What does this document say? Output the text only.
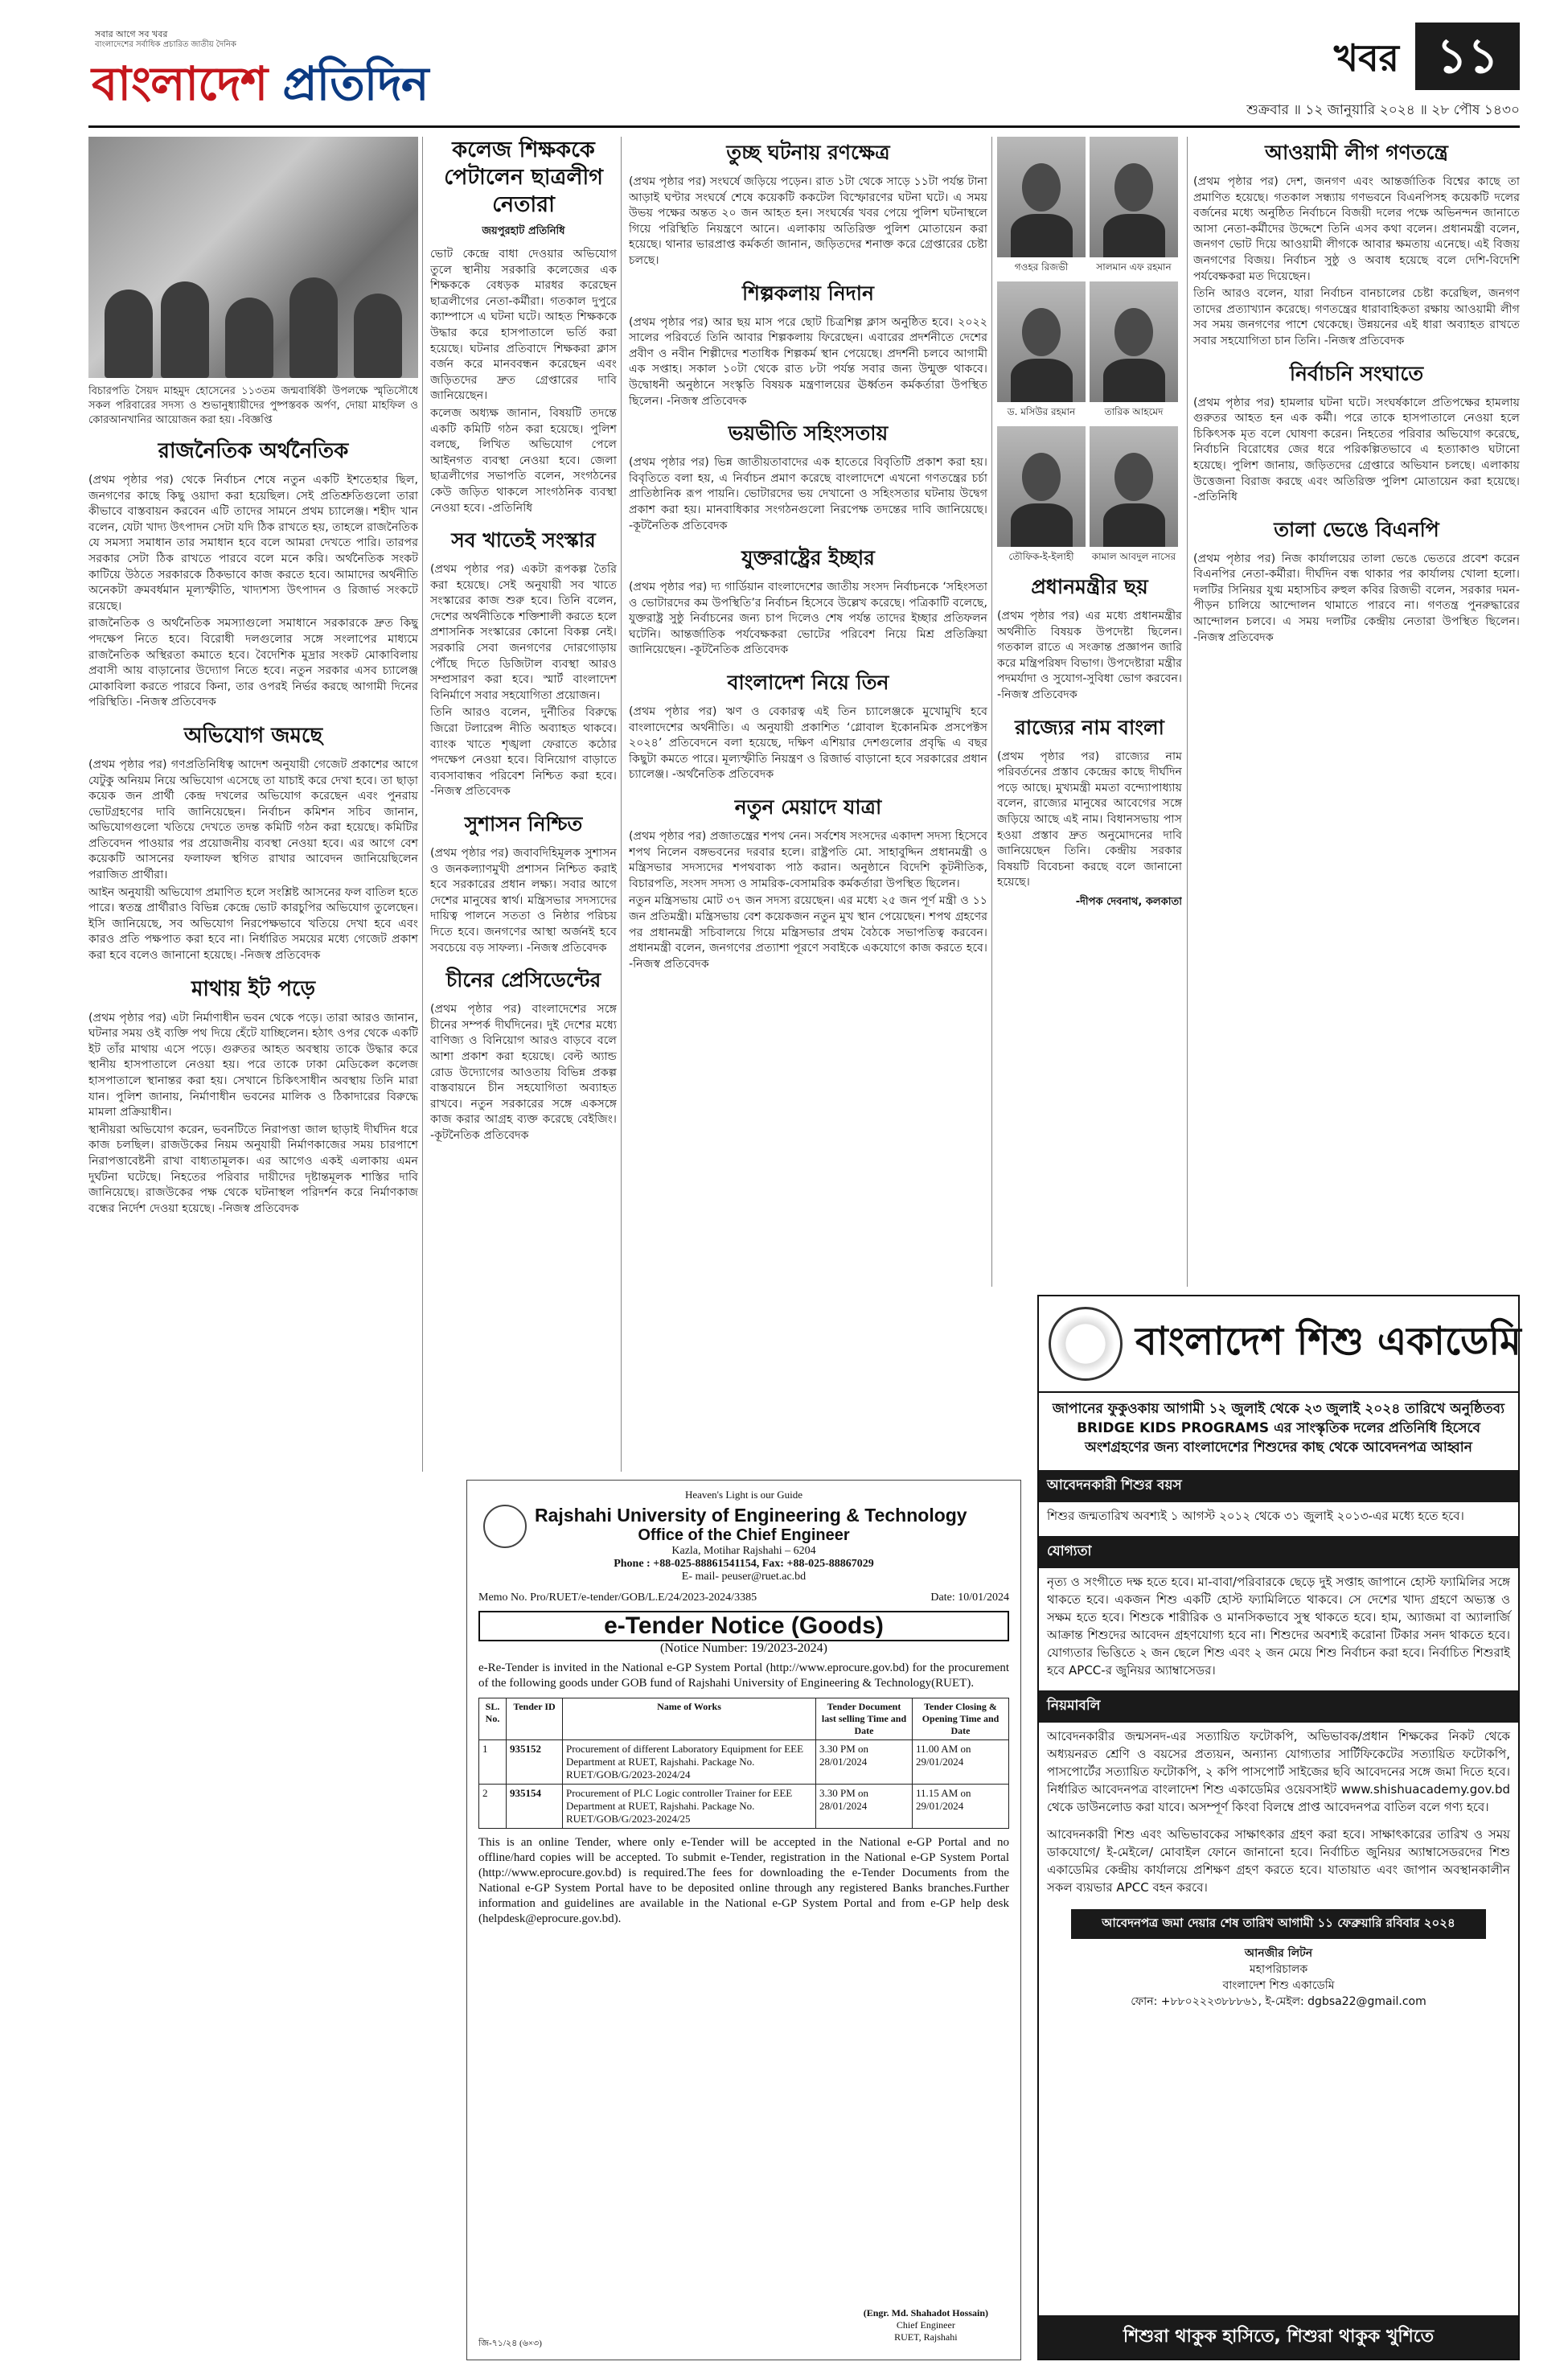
সবার আগে সব খবর
বাংলাদেশের সর্বাধিক প্রচারিত জাতীয় দৈনিক
বাংলাদেশ প্রতিদিন	খবর ১১
শুক্রবার ॥ ১২ জানুয়ারি ২০২৪ ॥ ২৮ পৌষ ১৪৩০
বিচারপতি সৈয়দ মাহমুদ হোসেনের ১১৩তম জন্মবার্ষিকী উপলক্ষে স্মৃতিসৌধে সকল পরিবারের সদস্য ও শুভানুধ্যায়ীদের পুষ্পস্তবক অর্পণ, দোয়া মাহফিল ও কোরআনখানির আয়োজন করা হয়। -বিজ্ঞপ্তি
রাজনৈতিক অর্থনৈতিক
(প্রথম পৃষ্ঠার পর) থেকে নির্বাচন শেষে নতুন একটি ইশতেহার ছিল, জনগণের কাছে কিছু ওয়াদা করা হয়েছিল। সেই প্রতিশ্রুতিগুলো তারা কীভাবে বাস্তবায়ন করবেন এটি তাদের সামনে প্রথম চ্যালেঞ্জ। শহীদ খান বলেন, যেটা খাদ্য উৎপাদন সেটা যদি ঠিক রাখতে হয়, তাহলে রাজনৈতিক যে সমস্যা সমাধান তার সমাধান হবে বলে আমরা দেখতে পারি। তারপর সরকার সেটা ঠিক রাখতে পারবে বলে মনে করি। অর্থনৈতিক সংকট কাটিয়ে উঠতে সরকারকে ঠিকভাবে কাজ করতে হবে। আমাদের অর্থনীতি অনেকটা ক্রমবর্ধমান মূল্যস্ফীতি, খাদ্যশস্য উৎপাদন ও রিজার্ভ সংকটে রয়েছে।
রাজনৈতিক ও অর্থনৈতিক সমস্যাগুলো সমাধানে সরকারকে দ্রুত কিছু পদক্ষেপ নিতে হবে। বিরোধী দলগুলোর সঙ্গে সংলাপের মাধ্যমে রাজনৈতিক অস্থিরতা কমাতে হবে। বৈদেশিক মুদ্রার সংকট মোকাবিলায় প্রবাসী আয় বাড়ানোর উদ্যোগ নিতে হবে। নতুন সরকার এসব চ্যালেঞ্জ মোকাবিলা করতে পারবে কিনা, তার ওপরই নির্ভর করছে আগামী দিনের পরিস্থিতি। -নিজস্ব প্রতিবেদক
অভিযোগ জমছে
(প্রথম পৃষ্ঠার পর) গণপ্রতিনিধিত্ব আদেশ অনুযায়ী গেজেট প্রকাশের আগে যেটুকু অনিয়ম নিয়ে অভিযোগ এসেছে তা যাচাই করে দেখা হবে। তা ছাড়া কয়েক জন প্রার্থী কেন্দ্র দখলের অভিযোগ করেছেন এবং পুনরায় ভোটগ্রহণের দাবি জানিয়েছেন। নির্বাচন কমিশন সচিব জানান, অভিযোগগুলো খতিয়ে দেখতে তদন্ত কমিটি গঠন করা হয়েছে। কমিটির প্রতিবেদন পাওয়ার পর প্রয়োজনীয় ব্যবস্থা নেওয়া হবে। এর আগে বেশ কয়েকটি আসনের ফলাফল স্থগিত রাখার আবেদন জানিয়েছিলেন পরাজিত প্রার্থীরা।
আইন অনুযায়ী অভিযোগ প্রমাণিত হলে সংশ্লিষ্ট আসনের ফল বাতিল হতে পারে। স্বতন্ত্র প্রার্থীরাও বিভিন্ন কেন্দ্রে ভোট কারচুপির অভিযোগ তুলেছেন। ইসি জানিয়েছে, সব অভিযোগ নিরপেক্ষভাবে খতিয়ে দেখা হবে এবং কারও প্রতি পক্ষপাত করা হবে না। নির্ধারিত সময়ের মধ্যে গেজেট প্রকাশ করা হবে বলেও জানানো হয়েছে। -নিজস্ব প্রতিবেদক
মাথায় ইট পড়ে
(প্রথম পৃষ্ঠার পর) এটা নির্মাণাধীন ভবন থেকে পড়ে। তারা আরও জানান, ঘটনার সময় ওই ব্যক্তি পথ দিয়ে হেঁটে যাচ্ছিলেন। হঠাৎ ওপর থেকে একটি ইট তাঁর মাথায় এসে পড়ে। গুরুতর আহত অবস্থায় তাকে উদ্ধার করে স্থানীয় হাসপাতালে নেওয়া হয়। পরে তাকে ঢাকা মেডিকেল কলেজ হাসপাতালে স্থানান্তর করা হয়। সেখানে চিকিৎসাধীন অবস্থায় তিনি মারা যান। পুলিশ জানায়, নির্মাণাধীন ভবনের মালিক ও ঠিকাদারের বিরুদ্ধে মামলা প্রক্রিয়াধীন।
স্থানীয়রা অভিযোগ করেন, ভবনটিতে নিরাপত্তা জাল ছাড়াই দীর্ঘদিন ধরে কাজ চলছিল। রাজউকের নিয়ম অনুযায়ী নির্মাণকাজের সময় চারপাশে নিরাপত্তাবেষ্টনী রাখা বাধ্যতামূলক। এর আগেও একই এলাকায় এমন দুর্ঘটনা ঘটেছে। নিহতের পরিবার দায়ীদের দৃষ্টান্তমূলক শাস্তির দাবি জানিয়েছে। রাজউকের পক্ষ থেকে ঘটনাস্থল পরিদর্শন করে নির্মাণকাজ বন্ধের নির্দেশ দেওয়া হয়েছে। -নিজস্ব প্রতিবেদক
কলেজ শিক্ষককে পেটালেন ছাত্রলীগ নেতারা
জয়পুরহাট প্রতিনিধি
ভোট কেন্দ্রে বাধা দেওয়ার অভিযোগ তুলে স্থানীয় সরকারি কলেজের এক শিক্ষককে বেধড়ক মারধর করেছেন ছাত্রলীগের নেতা-কর্মীরা। গতকাল দুপুরে ক্যাম্পাসে এ ঘটনা ঘটে। আহত শিক্ষককে উদ্ধার করে হাসপাতালে ভর্তি করা হয়েছে। ঘটনার প্রতিবাদে শিক্ষকরা ক্লাস বর্জন করে মানববন্ধন করেছেন এবং জড়িতদের দ্রুত গ্রেপ্তারের দাবি জানিয়েছেন।
কলেজ অধ্যক্ষ জানান, বিষয়টি তদন্তে একটি কমিটি গঠন করা হয়েছে। পুলিশ বলছে, লিখিত অভিযোগ পেলে আইনগত ব্যবস্থা নেওয়া হবে। জেলা ছাত্রলীগের সভাপতি বলেন, সংগঠনের কেউ জড়িত থাকলে সাংগঠনিক ব্যবস্থা নেওয়া হবে। -প্রতিনিধি
সব খাতেই সংস্কার
(প্রথম পৃষ্ঠার পর) একটা রূপকল্প তৈরি করা হয়েছে। সেই অনুযায়ী সব খাতে সংস্কারের কাজ শুরু হবে। তিনি বলেন, দেশের অর্থনীতিকে শক্তিশালী করতে হলে প্রশাসনিক সংস্কারের কোনো বিকল্প নেই। সরকারি সেবা জনগণের দোরগোড়ায় পৌঁছে দিতে ডিজিটাল ব্যবস্থা আরও সম্প্রসারণ করা হবে। স্মার্ট বাংলাদেশ বিনির্মাণে সবার সহযোগিতা প্রয়োজন।
তিনি আরও বলেন, দুর্নীতির বিরুদ্ধে জিরো টলারেন্স নীতি অব্যাহত থাকবে। ব্যাংক খাতে শৃঙ্খলা ফেরাতে কঠোর পদক্ষেপ নেওয়া হবে। বিনিয়োগ বাড়াতে ব্যবসাবান্ধব পরিবেশ নিশ্চিত করা হবে। -নিজস্ব প্রতিবেদক
সুশাসন নিশ্চিত
(প্রথম পৃষ্ঠার পর) জবাবদিহিমূলক সুশাসন ও জনকল্যাণমুখী প্রশাসন নিশ্চিত করাই হবে সরকারের প্রধান লক্ষ্য। সবার আগে দেশের মানুষের স্বার্থ। মন্ত্রিসভার সদস্যদের দায়িত্ব পালনে সততা ও নিষ্ঠার পরিচয় দিতে হবে। জনগণের আস্থা অর্জনই হবে সবচেয়ে বড় সাফল্য। -নিজস্ব প্রতিবেদক
চীনের প্রেসিডেন্টের
(প্রথম পৃষ্ঠার পর) বাংলাদেশের সঙ্গে চীনের সম্পর্ক দীর্ঘদিনের। দুই দেশের মধ্যে বাণিজ্য ও বিনিয়োগ আরও বাড়বে বলে আশা প্রকাশ করা হয়েছে। বেল্ট অ্যান্ড রোড উদ্যোগের আওতায় বিভিন্ন প্রকল্প বাস্তবায়নে চীন সহযোগিতা অব্যাহত রাখবে। নতুন সরকারের সঙ্গে একসঙ্গে কাজ করার আগ্রহ ব্যক্ত করেছে বেইজিং। -কূটনৈতিক প্রতিবেদক
তুচ্ছ ঘটনায় রণক্ষেত্র
(প্রথম পৃষ্ঠার পর) সংঘর্ষে জড়িয়ে পড়েন। রাত ১টা থেকে সাড়ে ১১টা পর্যন্ত টানা আড়াই ঘণ্টার সংঘর্ষে শেষে কয়েকটি ককটেল বিস্ফোরণের ঘটনা ঘটে। এ সময় উভয় পক্ষের অন্তত ২০ জন আহত হন। সংঘর্ষের খবর পেয়ে পুলিশ ঘটনাস্থলে গিয়ে পরিস্থিতি নিয়ন্ত্রণে আনে। এলাকায় অতিরিক্ত পুলিশ মোতায়েন করা হয়েছে। থানার ভারপ্রাপ্ত কর্মকর্তা জানান, জড়িতদের শনাক্ত করে গ্রেপ্তারের চেষ্টা চলছে।
শিল্পকলায় নিদান
(প্রথম পৃষ্ঠার পর) আর ছয় মাস পরে ছোট চিত্রশিল্প ক্লাস অনুষ্ঠিত হবে। ২০২২ সালের পরিবর্তে তিনি আবার শিল্পকলায় ফিরেছেন। এবারের প্রদর্শনীতে দেশের প্রবীণ ও নবীন শিল্পীদের শতাধিক শিল্পকর্ম স্থান পেয়েছে। প্রদর্শনী চলবে আগামী এক সপ্তাহ। সকাল ১০টা থেকে রাত ৮টা পর্যন্ত সবার জন্য উন্মুক্ত থাকবে। উদ্বোধনী অনুষ্ঠানে সংস্কৃতি বিষয়ক মন্ত্রণালয়ের ঊর্ধ্বতন কর্মকর্তারা উপস্থিত ছিলেন। -নিজস্ব প্রতিবেদক
ভয়ভীতি সহিংসতায়
(প্রথম পৃষ্ঠার পর) ভিন্ন জাতীয়তাবাদের এক হাতেরে বিবৃতিটি প্রকাশ করা হয়। বিবৃতিতে বলা হয়, এ নির্বাচন প্রমাণ করেছে বাংলাদেশে এখনো গণতন্ত্রের চর্চা প্রাতিষ্ঠানিক রূপ পায়নি। ভোটারদের ভয় দেখানো ও সহিংসতার ঘটনায় উদ্বেগ প্রকাশ করা হয়। মানবাধিকার সংগঠনগুলো নিরপেক্ষ তদন্তের দাবি জানিয়েছে। -কূটনৈতিক প্রতিবেদক
যুক্তরাষ্ট্রের ইচ্ছার
(প্রথম পৃষ্ঠার পর) দ্য গার্ডিয়ান বাংলাদেশের জাতীয় সংসদ নির্বাচনকে ‘সহিংসতা ও ভোটারদের কম উপস্থিতি’র নির্বাচন হিসেবে উল্লেখ করেছে। পত্রিকাটি বলেছে, যুক্তরাষ্ট্র সুষ্ঠু নির্বাচনের জন্য চাপ দিলেও শেষ পর্যন্ত তাদের ইচ্ছার প্রতিফলন ঘটেনি। আন্তর্জাতিক পর্যবেক্ষকরা ভোটের পরিবেশ নিয়ে মিশ্র প্রতিক্রিয়া জানিয়েছেন। -কূটনৈতিক প্রতিবেদক
বাংলাদেশ নিয়ে তিন
(প্রথম পৃষ্ঠার পর) ঋণ ও বেকারত্ব এই তিন চ্যালেঞ্জকে মুখোমুখি হবে বাংলাদেশের অর্থনীতি। এ অনুযায়ী প্রকাশিত ‘গ্লোবাল ইকোনমিক প্রসপেক্টস ২০২৪’ প্রতিবেদনে বলা হয়েছে, দক্ষিণ এশিয়ার দেশগুলোর প্রবৃদ্ধি এ বছর কিছুটা কমতে পারে। মূল্যস্ফীতি নিয়ন্ত্রণ ও রিজার্ভ বাড়ানো হবে সরকারের প্রধান চ্যালেঞ্জ। -অর্থনৈতিক প্রতিবেদক
নতুন মেয়াদে যাত্রা
(প্রথম পৃষ্ঠার পর) প্রজাতন্ত্রের শপথ নেন। সর্বশেষ সংসদের একাদশ সদস্য হিসেবে শপথ নিলেন বঙ্গভবনের দরবার হলে। রাষ্ট্রপতি মো. সাহাবুদ্দিন প্রধানমন্ত্রী ও মন্ত্রিসভার সদস্যদের শপথবাক্য পাঠ করান। অনুষ্ঠানে বিদেশি কূটনীতিক, বিচারপতি, সংসদ সদস্য ও সামরিক-বেসামরিক কর্মকর্তারা উপস্থিত ছিলেন।
নতুন মন্ত্রিসভায় মোট ৩৭ জন সদস্য রয়েছেন। এর মধ্যে ২৫ জন পূর্ণ মন্ত্রী ও ১১ জন প্রতিমন্ত্রী। মন্ত্রিসভায় বেশ কয়েকজন নতুন মুখ স্থান পেয়েছেন। শপথ গ্রহণের পর প্রধানমন্ত্রী সচিবালয়ে গিয়ে মন্ত্রিসভার প্রথম বৈঠকে সভাপতিত্ব করবেন। প্রধানমন্ত্রী বলেন, জনগণের প্রত্যাশা পূরণে সবাইকে একযোগে কাজ করতে হবে। -নিজস্ব প্রতিবেদক
গওহর রিজভী	সালমান এফ রহমান
ড. মসিউর রহমান	তারিক আহমেদ
তৌফিক-ই-ইলাহী	কামাল আবদুল নাসের
প্রধানমন্ত্রীর ছয়
(প্রথম পৃষ্ঠার পর) এর মধ্যে প্রধানমন্ত্রীর অর্থনীতি বিষয়ক উপদেষ্টা ছিলেন। গতকাল রাতে এ সংক্রান্ত প্রজ্ঞাপন জারি করে মন্ত্রিপরিষদ বিভাগ। উপদেষ্টারা মন্ত্রীর পদমর্যাদা ও সুযোগ-সুবিধা ভোগ করবেন। -নিজস্ব প্রতিবেদক
রাজ্যের নাম বাংলা
(প্রথম পৃষ্ঠার পর) রাজ্যের নাম পরিবর্তনের প্রস্তাব কেন্দ্রের কাছে দীর্ঘদিন পড়ে আছে। মুখ্যমন্ত্রী মমতা বন্দ্যোপাধ্যায় বলেন, রাজ্যের মানুষের আবেগের সঙ্গে জড়িয়ে আছে এই নাম। বিধানসভায় পাস হওয়া প্রস্তাব দ্রুত অনুমোদনের দাবি জানিয়েছেন তিনি। কেন্দ্রীয় সরকার বিষয়টি বিবেচনা করছে বলে জানানো হয়েছে।
-দীপক দেবনাথ, কলকাতা
আওয়ামী লীগ গণতন্ত্রে
(প্রথম পৃষ্ঠার পর) দেশ, জনগণ এবং আন্তর্জাতিক বিশ্বের কাছে তা প্রমাণিত হয়েছে। গতকাল সন্ধ্যায় গণভবনে বিএনপিসহ কয়েকটি দলের বর্জনের মধ্যে অনুষ্ঠিত নির্বাচনে বিজয়ী দলের পক্ষে অভিনন্দন জানাতে আসা নেতা-কর্মীদের উদ্দেশে তিনি এসব কথা বলেন। প্রধানমন্ত্রী বলেন, জনগণ ভোট দিয়ে আওয়ামী লীগকে আবার ক্ষমতায় এনেছে। এই বিজয় জনগণের বিজয়। নির্বাচন সুষ্ঠু ও অবাধ হয়েছে বলে দেশি-বিদেশি পর্যবেক্ষকরা মত দিয়েছেন।
তিনি আরও বলেন, যারা নির্বাচন বানচালের চেষ্টা করেছিল, জনগণ তাদের প্রত্যাখ্যান করেছে। গণতন্ত্রের ধারাবাহিকতা রক্ষায় আওয়ামী লীগ সব সময় জনগণের পাশে থেকেছে। উন্নয়নের এই ধারা অব্যাহত রাখতে সবার সহযোগিতা চান তিনি। -নিজস্ব প্রতিবেদক
নির্বাচনি সংঘাতে
(প্রথম পৃষ্ঠার পর) হামলার ঘটনা ঘটে। সংঘর্ষকালে প্রতিপক্ষের হামলায় গুরুতর আহত হন এক কর্মী। পরে তাকে হাসপাতালে নেওয়া হলে চিকিৎসক মৃত বলে ঘোষণা করেন। নিহতের পরিবার অভিযোগ করেছে, নির্বাচনি বিরোধের জের ধরে পরিকল্পিতভাবে এ হত্যাকাণ্ড ঘটানো হয়েছে। পুলিশ জানায়, জড়িতদের গ্রেপ্তারে অভিযান চলছে। এলাকায় উত্তেজনা বিরাজ করছে এবং অতিরিক্ত পুলিশ মোতায়েন করা হয়েছে। -প্রতিনিধি
তালা ভেঙে বিএনপি
(প্রথম পৃষ্ঠার পর) নিজ কার্যালয়ের তালা ভেঙে ভেতরে প্রবেশ করেন বিএনপির নেতা-কর্মীরা। দীর্ঘদিন বন্ধ থাকার পর কার্যালয় খোলা হলো। দলটির সিনিয়র যুগ্ম মহাসচিব রুহুল কবির রিজভী বলেন, সরকার দমন-পীড়ন চালিয়ে আন্দোলন থামাতে পারবে না। গণতন্ত্র পুনরুদ্ধারের আন্দোলন চলবে। এ সময় দলটির কেন্দ্রীয় নেতারা উপস্থিত ছিলেন। -নিজস্ব প্রতিবেদক
Heaven's Light is our Guide
Rajshahi University of Engineering & Technology
Office of the Chief Engineer
Kazla, Motihar Rajshahi – 6204
Phone : +88-025-88861541154, Fax: +88-025-88867029
E- mail- peuser@ruet.ac.bd
Memo No. Pro/RUET/e-tender/GOB/L.E/24/2023-2024/3385	Date: 10/01/2024
e-Tender Notice (Goods)
(Notice Number: 19/2023-2024)
e-Re-Tender is invited in the National e-GP System Portal (http://www.eprocure.gov.bd) for the procurement of the following goods under GOB fund of Rajshahi University of Engineering & Technology(RUET).
SL. No.	Tender ID	Name of Works	Tender Document last selling Time and Date	Tender Closing & Opening Time and Date
1	935152	Procurement of different Laboratory Equipment for EEE Department at RUET, Rajshahi. Package No. RUET/GOB/G/2023-2024/24	3.30 PM on 28/01/2024	11.00 AM on 29/01/2024
2	935154	Procurement of PLC Logic controller Trainer for EEE Department at RUET, Rajshahi. Package No. RUET/GOB/G/2023-2024/25	3.30 PM on 28/01/2024	11.15 AM on 29/01/2024
This is an online Tender, where only e-Tender will be accepted in the National e-GP Portal and no offline/hard copies will be accepted. To submit e-Tender, registration in the National e-GP System Portal (http://www.eprocure.gov.bd) is required.The fees for downloading the e-Tender Documents from the National e-GP System Portal have to be deposited online through any registered Banks branches.Further information and guidelines are available in the National e-GP System Portal and from e-GP help desk (helpdesk@eprocure.gov.bd).
(Engr. Md. Shahadot Hossain)
Chief Engineer
RUET, Rajshahi
জি-৭১/২৪ (৬×৩)
বাংলাদেশ শিশু একাডেমি
জাপানের ফুকুওকায় আগামী ১২ জুলাই থেকে ২৩ জুলাই ২০২৪ তারিখে অনুষ্ঠিতব্য BRIDGE KIDS PROGRAMS এর সাংস্কৃতিক দলের প্রতিনিধি হিসেবে অংশগ্রহণের জন্য বাংলাদেশের শিশুদের কাছ থেকে আবেদনপত্র আহ্বান
আবেদনকারী শিশুর বয়স
শিশুর জন্মতারিখ অবশ্যই ১ আগস্ট ২০১২ থেকে ৩১ জুলাই ২০১৩-এর মধ্যে হতে হবে।
যোগ্যতা
নৃত্য ও সংগীতে দক্ষ হতে হবে। মা-বাবা/পরিবারকে ছেড়ে দুই সপ্তাহ জাপানে হোস্ট ফ্যামিলির সঙ্গে থাকতে হবে। একজন শিশু একটি হোস্ট ফ্যামিলিতে থাকবে। সে দেশের খাদ্য গ্রহণে অভ্যস্ত ও সক্ষম হতে হবে। শিশুকে শারীরিক ও মানসিকভাবে সুস্থ থাকতে হবে। হাম, অ্যাজমা বা অ্যালার্জি আক্রান্ত শিশুদের আবেদন গ্রহণযোগ্য হবে না। শিশুদের অবশ্যই করোনা টিকার সনদ থাকতে হবে। যোগ্যতার ভিত্তিতে ২ জন ছেলে শিশু এবং ২ জন মেয়ে শিশু নির্বাচন করা হবে। নির্বাচিত শিশুরাই হবে APCC-র জুনিয়র অ্যাম্বাসেডর।
নিয়মাবলি
আবেদনকারীর জন্মসনদ-এর সত্যায়িত ফটোকপি, অভিভাবক/প্রধান শিক্ষকের নিকট থেকে অধ্যয়নরত শ্রেণি ও বয়সের প্রত্যয়ন, অন্যান্য যোগ্যতার সার্টিফিকেটের সত্যায়িত ফটোকপি, পাসপোর্টের সত্যায়িত ফটোকপি, ২ কপি পাসপোর্ট সাইজের ছবি আবেদনের সঙ্গে জমা দিতে হবে। নির্ধারিত আবেদনপত্র বাংলাদেশ শিশু একাডেমির ওয়েবসাইট www.shishuacademy.gov.bd থেকে ডাউনলোড করা যাবে। অসম্পূর্ণ কিংবা বিলম্বে প্রাপ্ত আবেদনপত্র বাতিল বলে গণ্য হবে।
আবেদনকারী শিশু এবং অভিভাবকের সাক্ষাৎকার গ্রহণ করা হবে। সাক্ষাৎকারের তারিখ ও সময় ডাকযোগে/ ই-মেইলে/ মোবাইল ফোনে জানানো হবে। নির্বাচিত জুনিয়র অ্যাম্বাসেডরদের শিশু একাডেমির কেন্দ্রীয় কার্যালয়ে প্রশিক্ষণ গ্রহণ করতে হবে। যাতায়াত এবং জাপান অবস্থানকালীন সকল ব্যয়ভার APCC বহন করবে।
আবেদনপত্র জমা দেয়ার শেষ তারিখ আগামী ১১ ফেব্রুয়ারি রবিবার ২০২৪
আনজীর লিটন
মহাপরিচালক
বাংলাদেশ শিশু একাডেমি
ফোন: +৮৮০২২২৩৮৮৮৬১, ই-মেইল: dgbsa22@gmail.com
শিশুরা থাকুক হাসিতে, শিশুরা থাকুক খুশিতে
